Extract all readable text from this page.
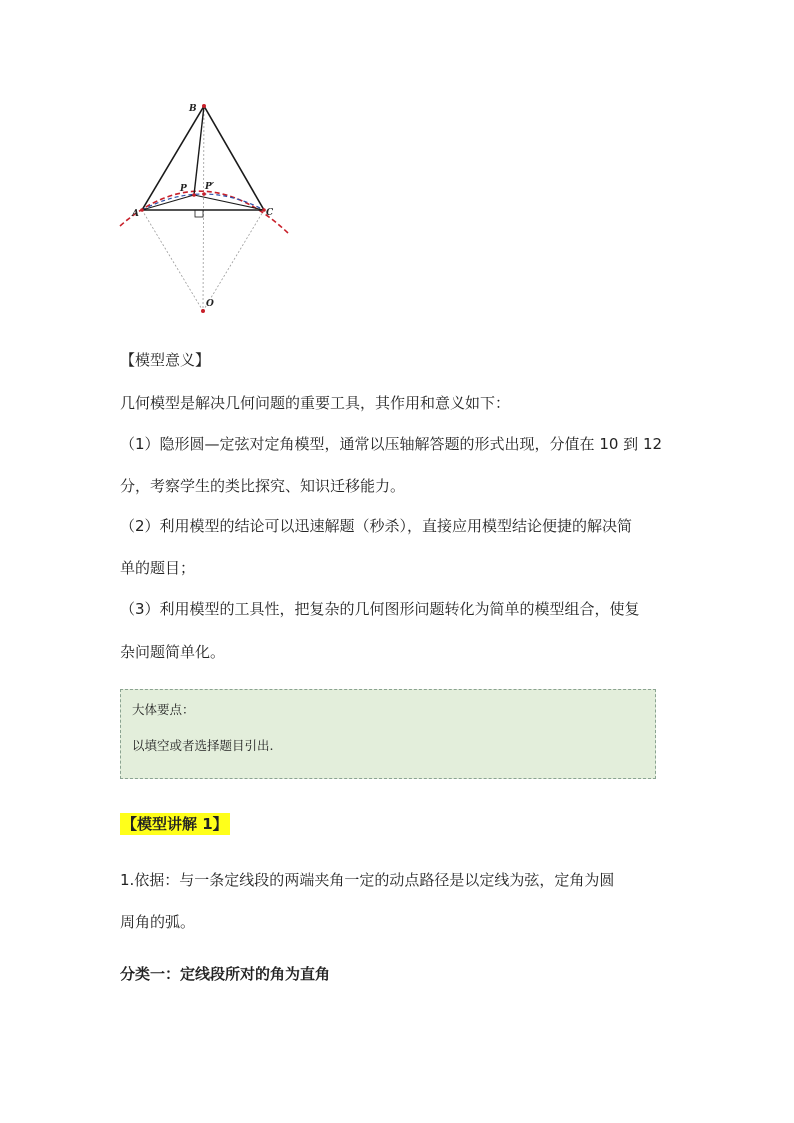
B
P P′
A	C
O
【模型意义】
几何模型是解决几何问题的重要工具，其作用和意义如下：
（1）隐形圆—定弦对定角模型，通常以压轴解答题的形式出现，分值在 10 到 12
分，考察学生的类比探究、知识迁移能力。
（2）利用模型的结论可以迅速解题（秒杀），直接应用模型结论便捷的解决简
单的题目；
（3）利用模型的工具性，把复杂的几何图形问题转化为简单的模型组合，使复
杂问题简单化。
大体要点：
以填空或者选择题目引出.
【模型讲解 1】
1.依据：与一条定线段的两端夹角一定的动点路径是以定线为弦，定角为圆
周角的弧。
分类一：定线段所对的角为直角
